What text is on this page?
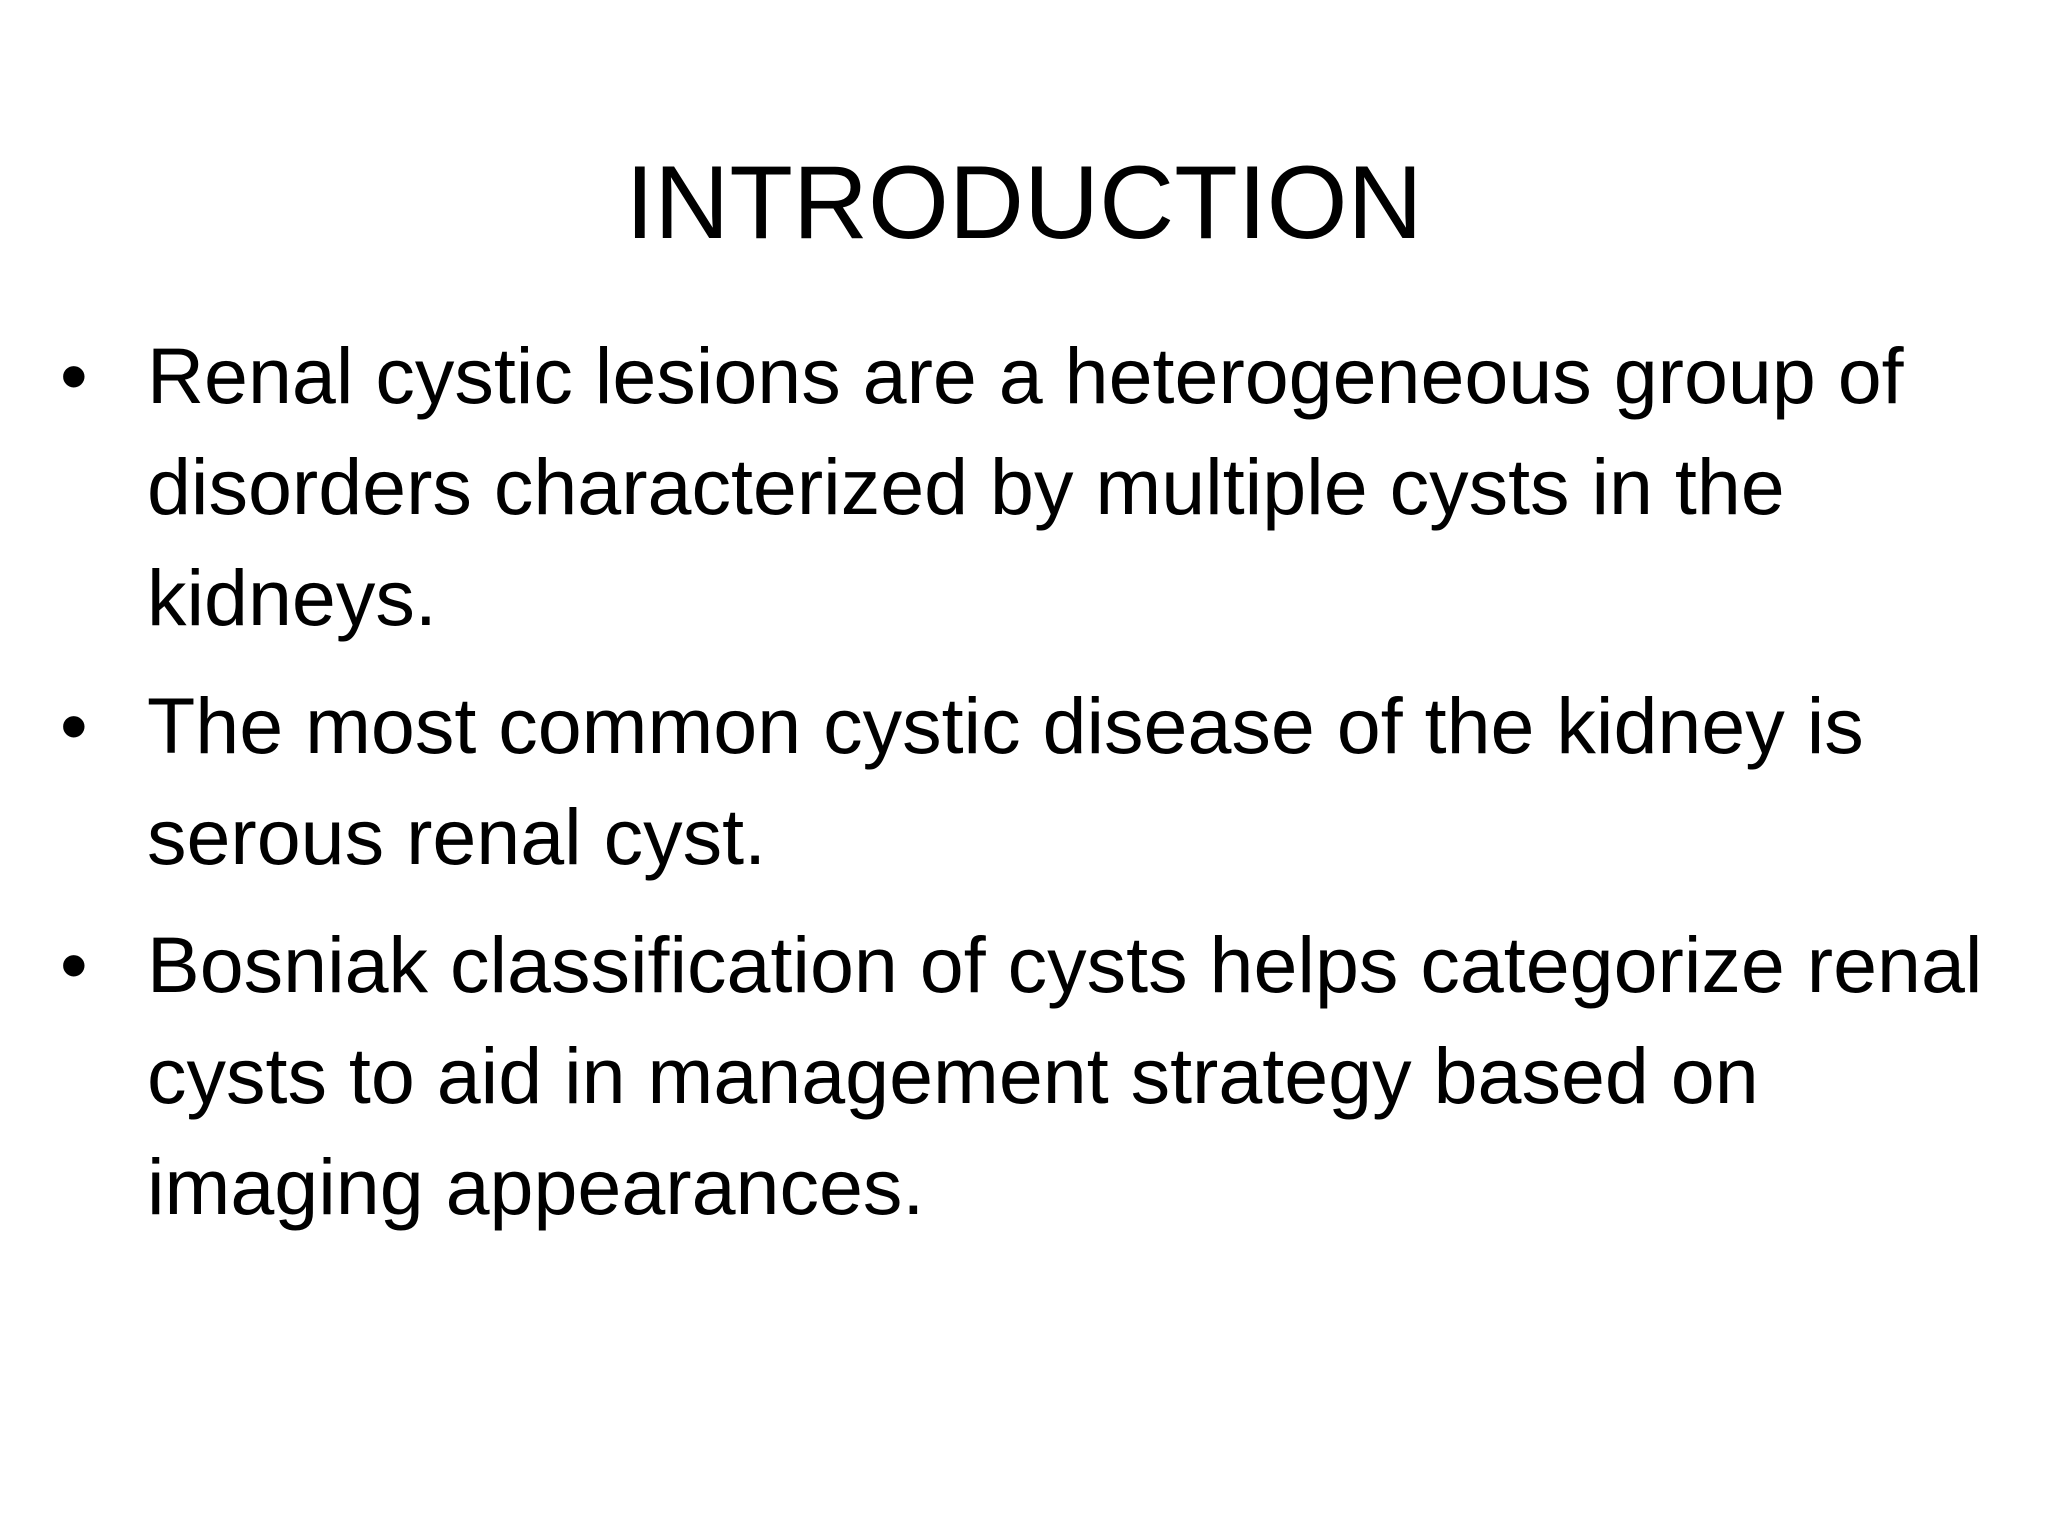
INTRODUCTION
• Renal cystic lesions are a heterogeneous group of disorders characterized by multiple cysts in the kidneys.
• The most common cystic disease of the kidney is serous renal cyst.
• Bosniak classification of cysts helps categorize renal cysts to aid in management strategy based on imaging appearances.
